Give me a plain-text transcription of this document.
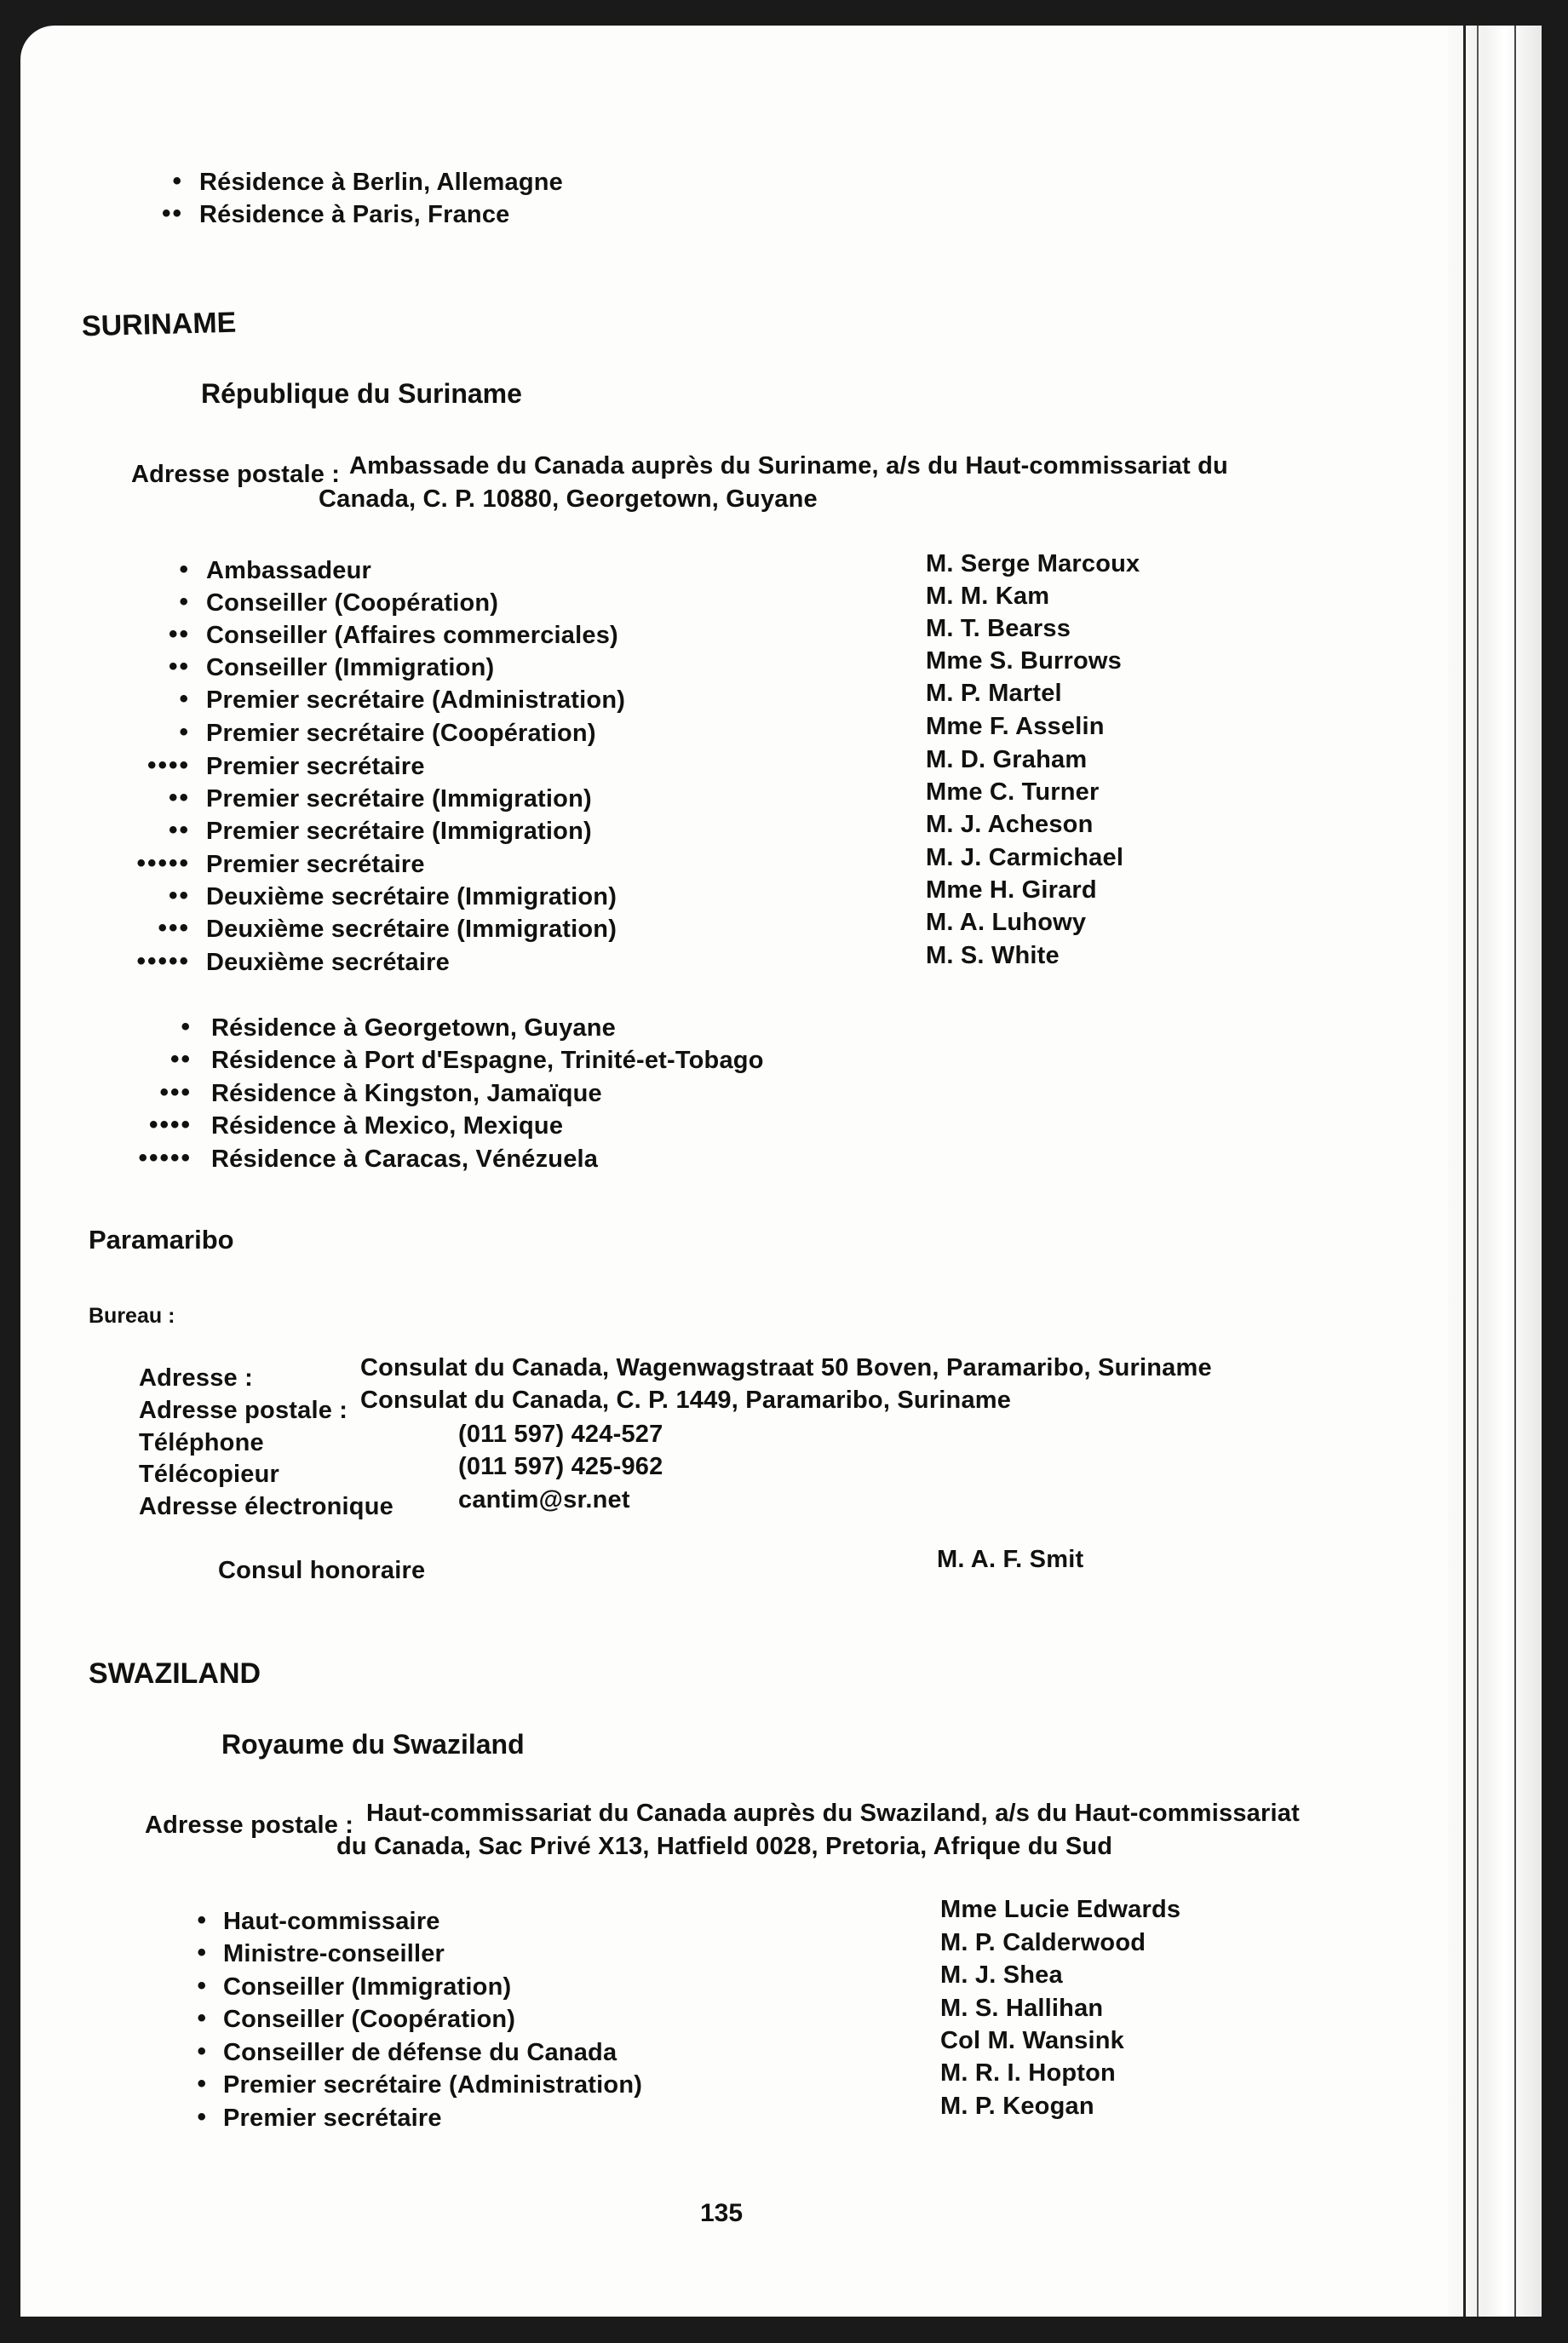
• Résidence à Berlin, Allemagne
•• Résidence à Paris, France
SURINAME
République du Suriname
Adresse postale : Ambassade du Canada auprès du Suriname, a/s du Haut-commissariat du
Canada, C. P. 10880, Georgetown, Guyane
• Ambassadeur	M. Serge Marcoux
• Conseiller (Coopération)	M. M. Kam
•• Conseiller (Affaires commerciales)	M. T. Bearss
•• Conseiller (Immigration)	Mme S. Burrows
• Premier secrétaire (Administration)	M. P. Martel
• Premier secrétaire (Coopération)	Mme F. Asselin
•••• Premier secrétaire	M. D. Graham
•• Premier secrétaire (Immigration)	Mme C. Turner
•• Premier secrétaire (Immigration)	M. J. Acheson
••••• Premier secrétaire	M. J. Carmichael
•• Deuxième secrétaire (Immigration)	Mme H. Girard
••• Deuxième secrétaire (Immigration)	M. A. Luhowy
••••• Deuxième secrétaire	M. S. White
• Résidence à Georgetown, Guyane
•• Résidence à Port d'Espagne, Trinité-et-Tobago
••• Résidence à Kingston, Jamaïque
•••• Résidence à Mexico, Mexique
••••• Résidence à Caracas, Vénézuela
Paramaribo
Bureau :
Adresse :	Consulat du Canada, Wagenwagstraat 50 Boven, Paramaribo, Suriname
Adresse postale : Consulat du Canada, C. P. 1449, Paramaribo, Suriname
Téléphone	(011 597) 424-527
Télécopieur	(011 597) 425-962
Adresse électronique	cantim@sr.net
Consul honoraire	M. A. F. Smit
SWAZILAND
Royaume du Swaziland
Adresse postale : Haut-commissariat du Canada auprès du Swaziland, a/s du Haut-commissariat
du Canada, Sac Privé X13, Hatfield 0028, Pretoria, Afrique du Sud
• Haut-commissaire	Mme Lucie Edwards
• Ministre-conseiller	M. P. Calderwood
• Conseiller (Immigration)	M. J. Shea
• Conseiller (Coopération)	M. S. Hallihan
• Conseiller de défense du Canada	Col M. Wansink
• Premier secrétaire (Administration)	M. R. I. Hopton
• Premier secrétaire	M. P. Keogan
135
